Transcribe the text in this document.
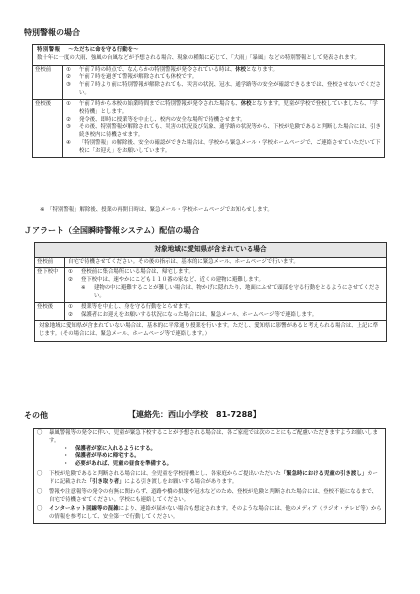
特別警報の場合
特別警報 ～ただちに命を守る行動を～
数十年に一度の大雨、強風の台風などが予想される場合、現象の種類に応じて、「大雨」「暴風」などの特別警報として発表されます。
登校前	①	午前７時の時点で、なんらかの特別警報が発令されている時は、休校となります。
②	午前７時を過ぎて警報が解除されても休校です。
③	午前７時より前に特別警報が解除されても、災害の状況、冠水、通学路等の安全が確認できるまでは、登校させないでください。
登校後	①	午前７時から本校の始業時間までに特別警報が発令された場合も、休校となります。児童が学校で登校していましたら、「学校待機」とします。
②	発令後、即時に授業等を中止し、校内の安全な場所で待機させます。
③	その後、特別警報が解除されても、災害の状況及び気象、通学路の状況等から、下校が危険であると判断した場合には、引き続き校内に待機させます。
④	「特別警報」の解除後、安全の確認ができた場合は、学校から緊急メール・学校ホームページで、ご連絡させていただいて下校に「お迎え」をお願いしています。
※　「特別警報」解除後、授業の再開日時は、緊急メール・学校ホームページでお知らせします。
Ｊアラート（全国瞬時警報システム）配信の場合
対象地域に愛知県が含まれている場合
登校前	自宅で待機させてください。その後の指示は、基本的に緊急メール、ホームページで行います。
登下校中	①	登校前に集合場所にいる場合は、帰宅します。
②	登下校中は、速やかにこども１１０番の家など、近くの建物に避難します。
※	建物の中に避難することが難しい場合は、物かげに隠れたり、地面にふせて頭部を守る行動をとるようにさせてください。
登校後	①	授業等を中止し、身を守る行動をとらせます。
②	保護者にお迎えをお願いする状況になった場合には、緊急メール、ホームページ等で連絡します。
対象地域に愛知県が含まれていない場合は、基本的に平常通り授業を行います。ただし、愛知県に影響があると考えられる場合は、上記に準じます。（その場合には、緊急メール、ホームページ等で連絡します。）
その他	【連絡先：西山小学校　81-7288】
〇	暴風警報等の発令に伴い、児童が緊急下校することが予想される場合は、各ご家庭では次のことにもご配慮いただきますようお願いします。
・	保護者が家に入れるようにする。
・	保護者が早めに帰宅する。
・	必要があれば、児童の昼食を準備する。
〇	下校が危険であると判断される場合には、全児童を学校待機とし、各家庭からご提出いただいた「緊急時における児童の引き渡し」カードに記載された「引き取り者」による引き渡しをお願いする場合があります。
〇	警報や注意報等の発令の有無に関わらず、道路や橋の損壊や冠水などのため、登校が危険と判断された場合には、登校不能になるまで、自宅で待機させてください。学校にも連絡してください。
〇	インターネット回線等の混雑により、連絡が届かない場合も想定されます。そのような場合には、他のメディア（ラジオ・テレビ等）からの情報を参考にして、安全第一で行動してください。
